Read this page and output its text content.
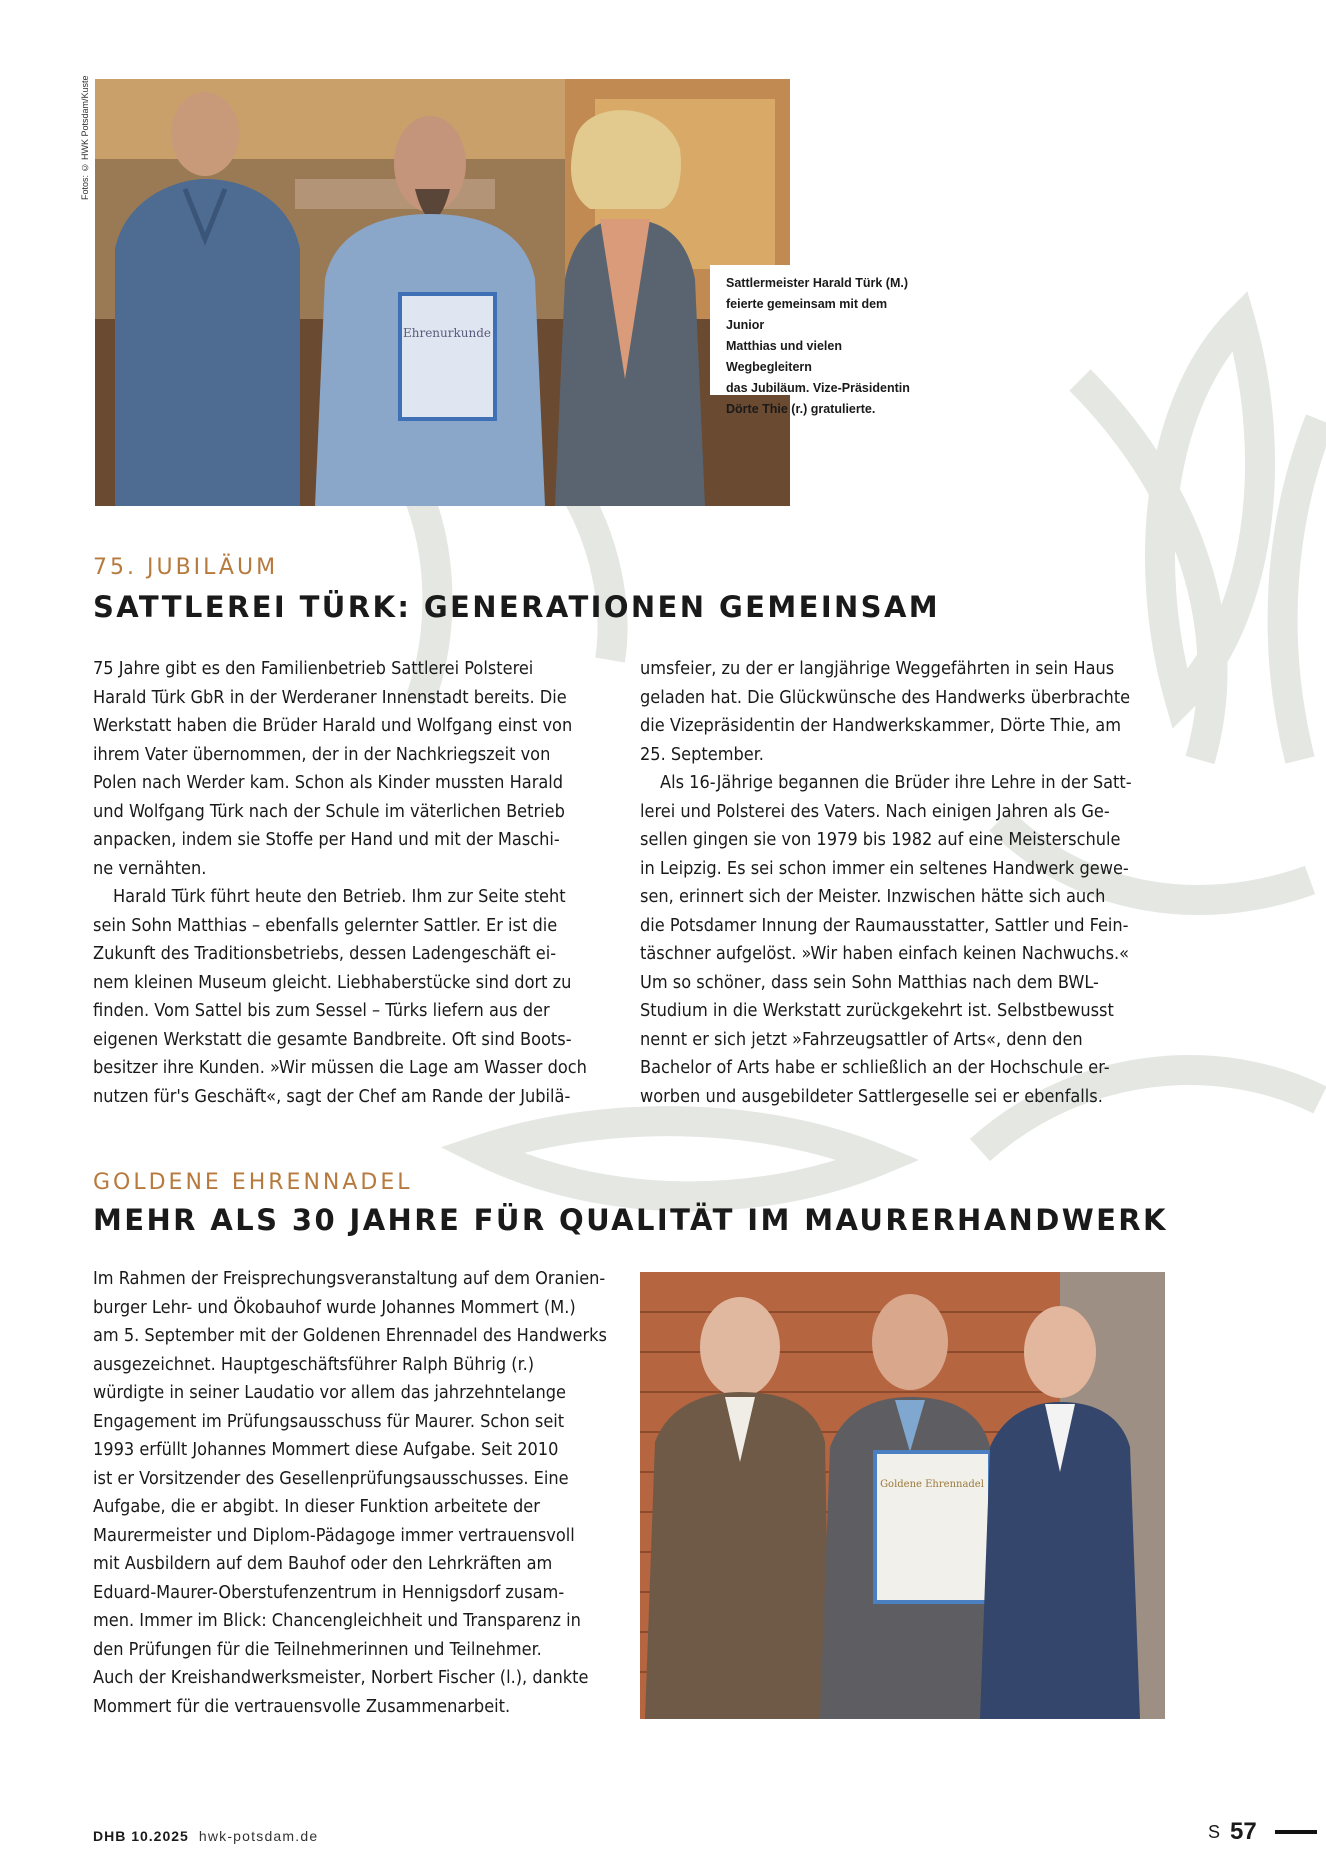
Ehrenurkunde
Fotos: © HWK Potsdam/Kuste
Sattlermeister Harald Türk (M.)
feierte gemeinsam mit dem Junior
Matthias und vielen Wegbegleitern
das Jubiläum. Vize-Präsidentin
Dörte Thie (r.) gratulierte.
75. JUBILÄUM
SATTLEREI TÜRK: GENERATIONEN GEMEINSAM

75 Jahre gibt es den Familienbetrieb Sattlerei Polsterei

Harald Türk GbR in der Werderaner Innenstadt bereits. Die

Werkstatt haben die Brüder Harald und Wolfgang einst von

ihrem Vater übernommen, der in der Nachkriegszeit von

Polen nach Werder kam. Schon als Kinder mussten Harald

und Wolfgang Türk nach der Schule im väterlichen Betrieb

anpacken, indem sie Stoffe per Hand und mit der Maschi-

ne vernähten.

Harald Türk führt heute den Betrieb. Ihm zur Seite steht

sein Sohn Matthias – ebenfalls gelernter Sattler. Er ist die

Zukunft des Traditionsbetriebs, dessen Ladengeschäft ei-

nem kleinen Museum gleicht. Liebhaberstücke sind dort zu

finden. Vom Sattel bis zum Sessel – Türks liefern aus der

eigenen Werkstatt die gesamte Bandbreite. Oft sind Boots-

besitzer ihre Kunden. »Wir müssen die Lage am Wasser doch

nutzen für's Geschäft«, sagt der Chef am Rande der Jubilä-

umsfeier, zu der er langjährige Weggefährten in sein Haus

geladen hat. Die Glückwünsche des Handwerks überbrachte

die Vizepräsidentin der Handwerkskammer, Dörte Thie, am

25. September.

Als 16-Jährige begannen die Brüder ihre Lehre in der Satt-

lerei und Polsterei des Vaters. Nach einigen Jahren als Ge-

sellen gingen sie von 1979 bis 1982 auf eine Meisterschule

in Leipzig. Es sei schon immer ein seltenes Handwerk gewe-

sen, erinnert sich der Meister. Inzwischen hätte sich auch

die Potsdamer Innung der Raumausstatter, Sattler und Fein-

täschner aufgelöst. »Wir haben einfach keinen Nachwuchs.«

Um so schöner, dass sein Sohn Matthias nach dem BWL-

Studium in die Werkstatt zurückgekehrt ist. Selbstbewusst

nennt er sich jetzt »Fahrzeugsattler of Arts«, denn den

Bachelor of Arts habe er schließlich an der Hochschule er-

worben und ausgebildeter Sattlergeselle sei er ebenfalls.

GOLDENE EHRENNADEL
MEHR ALS 30 JAHRE FÜR QUALITÄT IM MAURERHANDWERK

Im Rahmen der Freisprechungsveranstaltung auf dem Oranien-

burger Lehr- und Ökobauhof wurde Johannes Mommert (M.)

am 5. September mit der Goldenen Ehrennadel des Handwerks

ausgezeichnet. Hauptgeschäftsführer Ralph Bührig (r.)

würdigte in seiner Laudatio vor allem das jahrzehntelange

Engagement im Prüfungsausschuss für Maurer. Schon seit

1993 erfüllt Johannes Mommert diese Aufgabe. Seit 2010

ist er Vorsitzender des Gesellenprüfungsausschusses. Eine

Aufgabe, die er abgibt. In dieser Funktion arbeitete der

Maurermeister und Diplom-Pädagoge immer vertrauensvoll

mit Ausbildern auf dem Bauhof oder den Lehrkräften am

Eduard-Maurer-Oberstufenzentrum in Hennigsdorf zusam-

men. Immer im Blick: Chancengleichheit und Transparenz in

den Prüfungen für die Teilnehmerinnen und Teilnehmer.

Auch der Kreishandwerksmeister, Norbert Fischer (l.), dankte

Mommert für die vertrauensvolle Zusammenarbeit.

Goldene Ehrennadel
DHB 10.2025 hwk-potsdam.de	S 57
